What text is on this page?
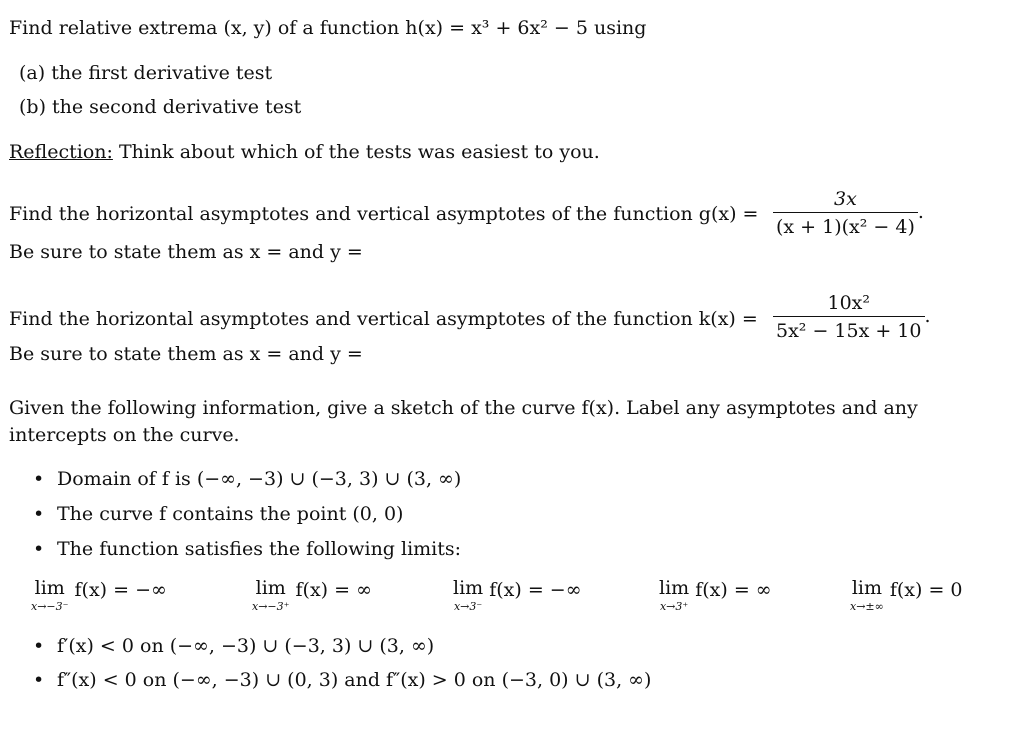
Find relative extrema (x, y) of a function h(x) = x³ + 6x² − 5 using
(a) the first derivative test
(b) the second derivative test
Reflection: Think about which of the tests was easiest to you.
Find the horizontal asymptotes and vertical asymptotes of the function $g(x) = \frac{3x}{\text{(x + 1)(x² − 4)}}$ .
Be sure to state them as x = and y =
Find the horizontal asymptotes and vertical asymptotes of the function $k(x) = \frac{\text{10x²}}{\text{5x² − 15x + 10}}$ .
Be sure to state them as x = and y =
Given the following information, give a sketch of the curve f(x). Label any asymptotes and any
intercepts on the curve.
• Domain of f is (−∞, −3) ∪ (−3, 3) ∪ (3, ∞)
• The curve f contains the point (0, 0)
• The function satisfies the following limits:
lim
x→−3⁻
f(x) = −∞	lim
x→−3⁺
f(x) = ∞	lim
x→3⁻
f(x) = −∞	lim
x→3⁺
f(x) = ∞	lim
x→±∞
f(x) = 0
• f′(x) < 0 on (−∞, −3) ∪ (−3, 3) ∪ (3, ∞)
• f″(x) < 0 on (−∞, −3) ∪ (0, 3) and f″(x) > 0 on (−3, 0) ∪ (3, ∞)
